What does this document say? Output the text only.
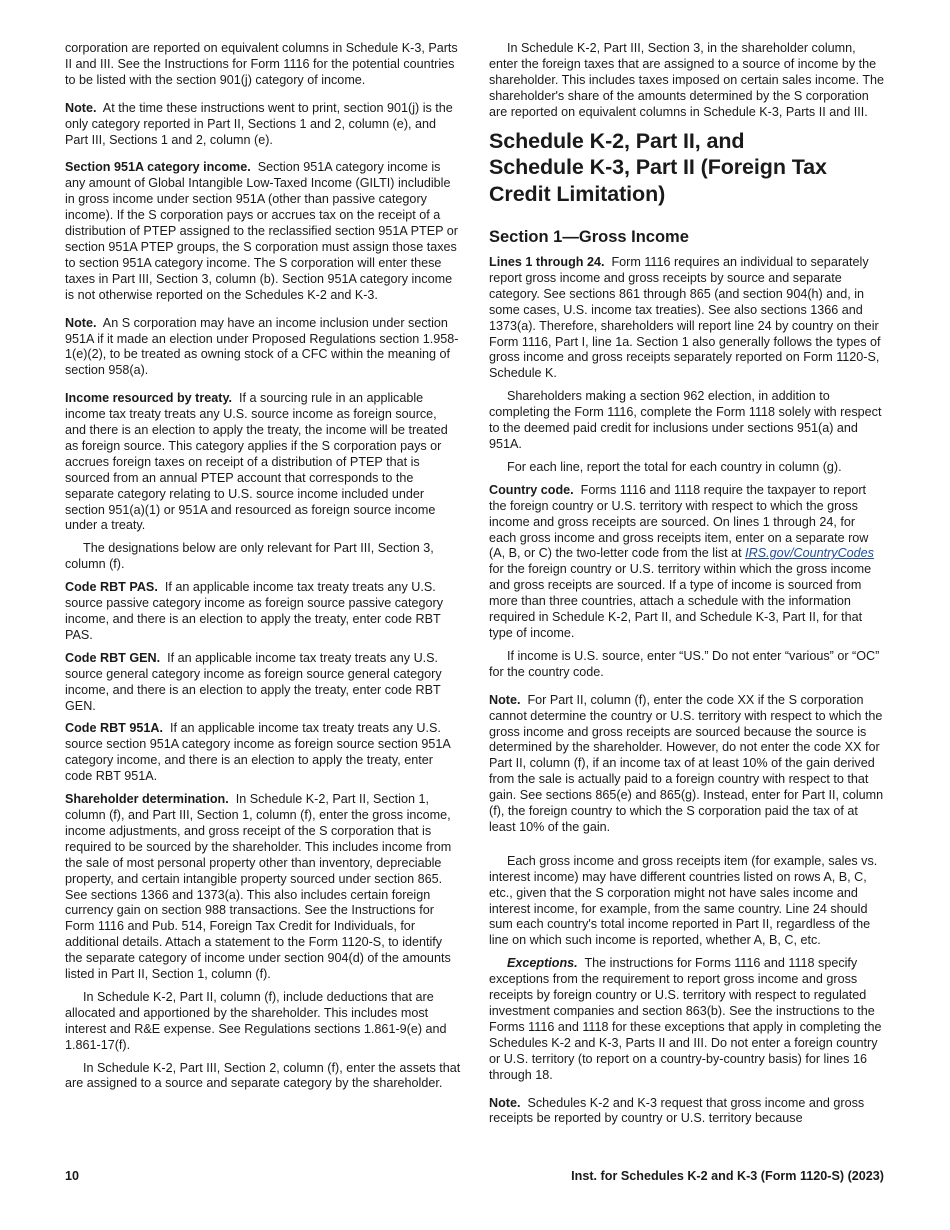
corporation are reported on equivalent columns in Schedule K-3, Parts II and III. See the Instructions for Form 1116 for the potential countries to be listed with the section 901(j) category of income.

Note. At the time these instructions went to print, section 901(j) is the only category reported in Part II, Sections 1 and 2, column (e), and Part III, Sections 1 and 2, column (e).

Section 951A category income. Section 951A category income is any amount of Global Intangible Low-Taxed Income (GILTI) includible in gross income under section 951A (other than passive category income). If the S corporation pays or accrues tax on the receipt of a distribution of PTEP assigned to the reclassified section 951A PTEP or section 951A PTEP groups, the S corporation must assign those taxes to section 951A category income. The S corporation will enter these taxes in Part III, Section 3, column (b). Section 951A category income is not otherwise reported on the Schedules K-2 and K-3.

Note. An S corporation may have an income inclusion under section 951A if it made an election under Proposed Regulations section 1.958-1(e)(2), to be treated as owning stock of a CFC within the meaning of section 958(a).

Income resourced by treaty. If a sourcing rule in an applicable income tax treaty treats any U.S. source income as foreign source, and there is an election to apply the treaty, the income will be treated as foreign source. This category applies if the S corporation pays or accrues foreign taxes on receipt of a distribution of PTEP that is sourced from an annual PTEP account that corresponds to the separate category relating to U.S. source income included under section 951(a)(1) or 951A and resourced as foreign source income under a treaty.

The designations below are only relevant for Part III, Section 3, column (f).

Code RBT PAS. If an applicable income tax treaty treats any U.S. source passive category income as foreign source passive category income, and there is an election to apply the treaty, enter code RBT PAS.

Code RBT GEN. If an applicable income tax treaty treats any U.S. source general category income as foreign source general category income, and there is an election to apply the treaty, enter code RBT GEN.

Code RBT 951A. If an applicable income tax treaty treats any U.S. source section 951A category income as foreign source section 951A category income, and there is an election to apply the treaty, enter code RBT 951A.

Shareholder determination. In Schedule K-2, Part II, Section 1, column (f), and Part III, Section 1, column (f), enter the gross income, income adjustments, and gross receipt of the S corporation that is required to be sourced by the shareholder. This includes income from the sale of most personal property other than inventory, depreciable property, and certain intangible property sourced under section 865. See sections 1366 and 1373(a). This also includes certain foreign currency gain on section 988 transactions. See the Instructions for Form 1116 and Pub. 514, Foreign Tax Credit for Individuals, for additional details. Attach a statement to the Form 1120-S, to identify the separate category of income under section 904(d) of the amounts listed in Part II, Section 1, column (f).

In Schedule K-2, Part II, column (f), include deductions that are allocated and apportioned by the shareholder. This includes most interest and R&E expense. See Regulations sections 1.861-9(e) and 1.861-17(f).

In Schedule K-2, Part III, Section 2, column (f), enter the assets that are assigned to a source and separate category by the shareholder.

In Schedule K-2, Part III, Section 3, in the shareholder column, enter the foreign taxes that are assigned to a source of income by the shareholder. This includes taxes imposed on certain sales income. The shareholder's share of the amounts determined by the S corporation are reported on equivalent columns in Schedule K-3, Parts II and III.

Schedule K-2, Part II, and
Schedule K-3, Part II (Foreign Tax
Credit Limitation)
Section 1—Gross Income

Lines 1 through 24. Form 1116 requires an individual to separately report gross income and gross receipts by source and separate category. See sections 861 through 865 (and section 904(h) and, in some cases, U.S. income tax treaties). See also sections 1366 and 1373(a). Therefore, shareholders will report line 24 by country on their Form 1116, Part I, line 1a. Section 1 also generally follows the types of gross income and gross receipts separately reported on Form 1120-S, Schedule K.

Shareholders making a section 962 election, in addition to completing the Form 1116, complete the Form 1118 solely with respect to the deemed paid credit for inclusions under sections 951(a) and 951A.

For each line, report the total for each country in column (g).

Country code. Forms 1116 and 1118 require the taxpayer to report the foreign country or U.S. territory with respect to which the gross income and gross receipts are sourced. On lines 1 through 24, for each gross income and gross receipts item, enter on a separate row (A, B, or C) the two-letter code from the list at IRS.gov/CountryCodes for the foreign country or U.S. territory within which the gross income and gross receipts are sourced. If a type of income is sourced from more than three countries, attach a schedule with the information required in Schedule K-2, Part II, and Schedule K-3, Part II, for that type of income.

If income is U.S. source, enter “US.” Do not enter “various” or “OC” for the country code.

Note. For Part II, column (f), enter the code XX if the S corporation cannot determine the country or U.S. territory with respect to which the gross income and gross receipts are sourced because the source is determined by the shareholder. However, do not enter the code XX for Part II, column (f), if an income tax of at least 10% of the gain derived from the sale is actually paid to a foreign country with respect to that gain. See sections 865(e) and 865(g). Instead, enter for Part II, column (f), the foreign country to which the S corporation paid the tax of at least 10% of the gain.

Each gross income and gross receipts item (for example, sales vs. interest income) may have different countries listed on rows A, B, C, etc., given that the S corporation might not have sales income and interest income, for example, from the same country. Line 24 should sum each country's total income reported in Part II, regardless of the line on which such income is reported, whether A, B, C, etc.

Exceptions. The instructions for Forms 1116 and 1118 specify exceptions from the requirement to report gross income and gross receipts by foreign country or U.S. territory with respect to regulated investment companies and section 863(b). See the instructions to the Forms 1116 and 1118 for these exceptions that apply in completing the Schedules K-2 and K-3, Parts II and III. Do not enter a foreign country or U.S. territory (to report on a country-by-country basis) for lines 16 through 18.

Note. Schedules K-2 and K-3 request that gross income and gross receipts be reported by country or U.S. territory because

10	Inst. for Schedules K-2 and K-3 (Form 1120-S) (2023)
